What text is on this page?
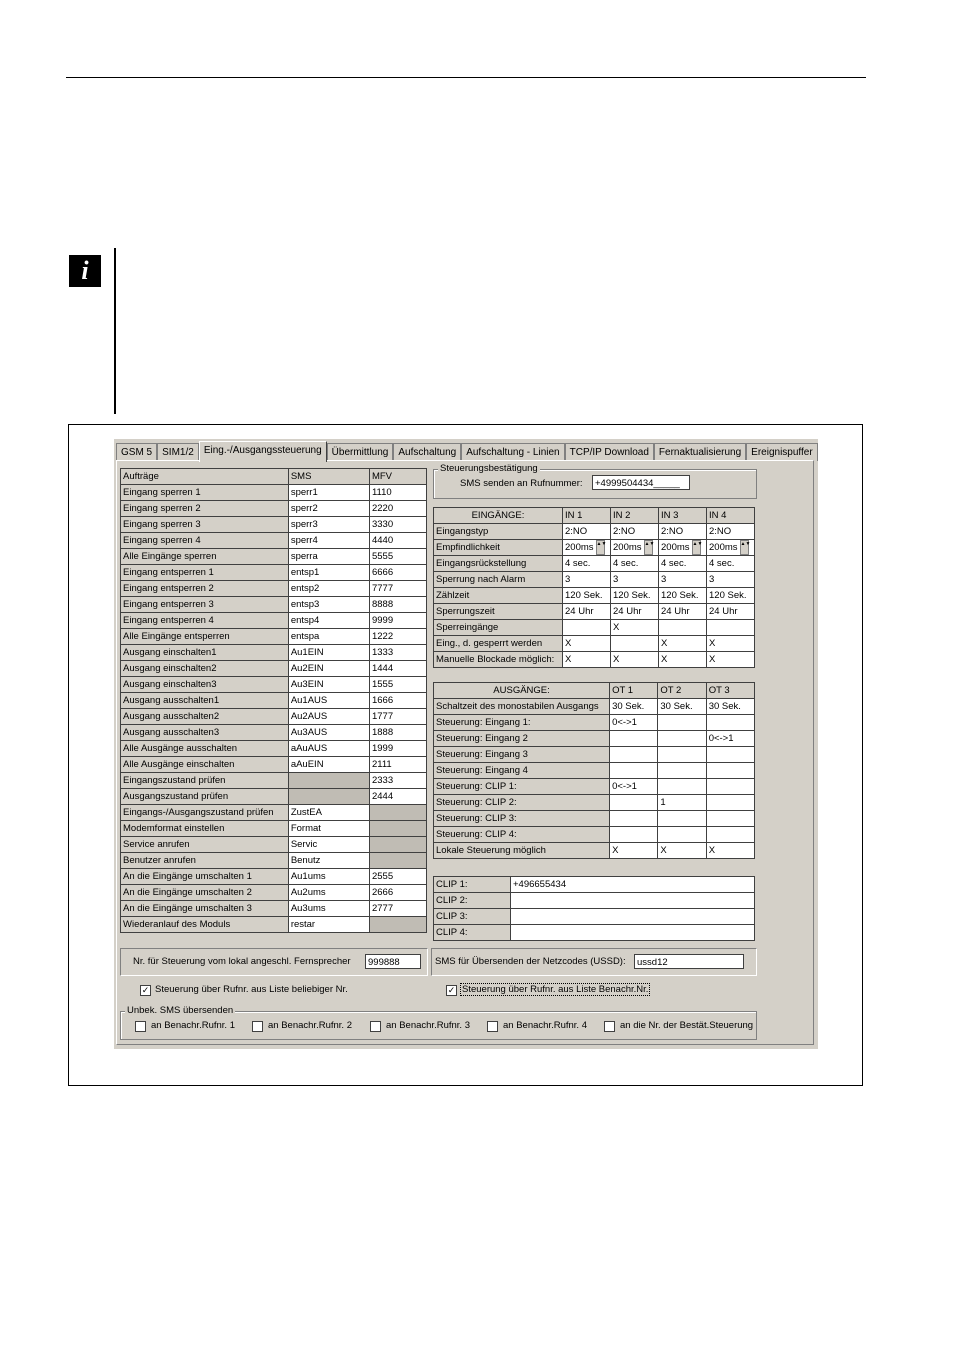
i
GSM 5	SIM1/2	Eing.-/Ausgangssteuerung	Übermittlung	Aufschaltung	Aufschaltung - Linien	TCP/IP Download	Fernaktualisierung	Ereignispuffer
Aufträge	SMS	MFV
Eingang sperren 1	sperr1	1110
Eingang sperren 2	sperr2	2220
Eingang sperren 3	sperr3	3330
Eingang sperren 4	sperr4	4440
Alle Eingänge sperren	sperra	5555
Eingang entsperren 1	entsp1	6666
Eingang entsperren 2	entsp2	7777
Eingang entsperren 3	entsp3	8888
Eingang entsperren 4	entsp4	9999
Alle Eingänge entsperren	entspa	1222
Ausgang einschalten1	Au1EIN	1333
Ausgang einschalten2	Au2EIN	1444
Ausgang einschalten3	Au3EIN	1555
Ausgang ausschalten1	Au1AUS	1666
Ausgang ausschalten2	Au2AUS	1777
Ausgang ausschalten3	Au3AUS	1888
Alle Ausgänge ausschalten	aAuAUS	1999
Alle Ausgänge einschalten	aAuEIN	2111
Eingangszustand prüfen		2333
Ausgangszustand prüfen		2444
Eingangs-/Ausgangszustand prüfen	ZustEA	
Modemformat einstellen	Format	
Service anrufen	Servic	
Benutzer anrufen	Benutz	
An die Eingänge umschalten 1	Au1ums	2555
An die Eingänge umschalten 2	Au2ums	2666
An die Eingänge umschalten 3	Au3ums	2777
Wiederanlauf des Moduls	restar	
Steuerungsbestätigung
SMS senden an Rufnummer:	+4999504434_____
EINGÄNGE:	IN 1	IN 2	IN 3	IN 4
Eingangstyp	2:NO	2:NO	2:NO	2:NO
Empfindlichkeit	200ms ▲▼	200ms ▲▼	200ms ▲▼	200ms ▲▼
Eingangsrückstellung	4 sec.	4 sec.	4 sec.	4 sec.
Sperrung nach Alarm	3	3	3	3
Zählzeit	120 Sek.	120 Sek.	120 Sek.	120 Sek.
Sperrungszeit	24 Uhr	24 Uhr	24 Uhr	24 Uhr
Sperreingänge		X		
Eing., d. gesperrt werden	X		X	X
Manuelle Blockade möglich:	X	X	X	X
AUSGÄNGE:	OT 1	OT 2	OT 3
Schaltzeit des monostabilen Ausgangs	30 Sek.	30 Sek.	30 Sek.
Steuerung: Eingang 1:	0<->1		
Steuerung: Eingang 2			0<->1
Steuerung: Eingang 3			
Steuerung: Eingang 4			
Steuerung: CLIP 1:	0<->1		
Steuerung: CLIP 2:		1	
Steuerung: CLIP 3:			
Steuerung: CLIP 4:			
Lokale Steuerung möglich	X	X	X
CLIP 1:	+496655434
CLIP 2:	
CLIP 3:	
CLIP 4:	
Nr. für Steuerung vom lokal angeschl. Fernsprecher	999888	SMS für Übersenden der Netzcodes (USSD):	ussd12
✓ Steuerung über Rufnr. aus Liste beliebiger Nr.	✓ Steuerung über Rufnr. aus Liste Benachr.Nr.
Unbek. SMS übersenden
an Benachr.Rufnr. 1	an Benachr.Rufnr. 2	an Benachr.Rufnr. 3	an Benachr.Rufnr. 4	an die Nr. der Bestät.Steuerung
